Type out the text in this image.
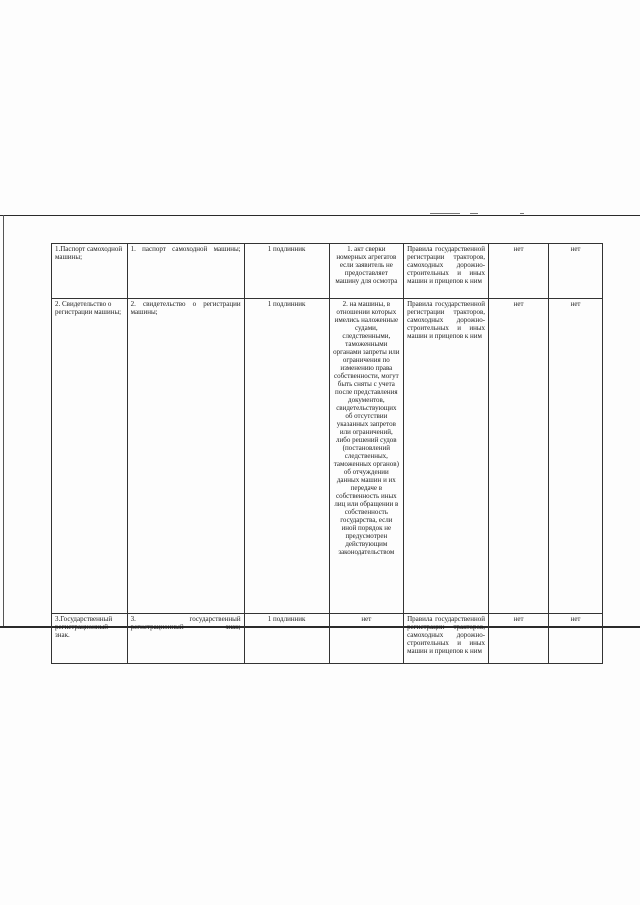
1.Паспорт самоходной машины;	1. паспорт самоходной машины;	1 подлинник	1. акт сверки номерных агрегатов если заявитель не предоставляет машину для осмотра	Правила государственной регистрации тракторов, самоходных дорожно-строительных и иных машин и прицепов к ним	нет	нет
2. Свидетельство о регистрации машины;	2. свидетельство о регистрации машины;	1 подлинник	2. на машины, в отношении которых имелись наложенные судами, следственными, таможенными органами запреты или ограничения по изменению права собственности, могут быть сняты с учета после представления документов, свидетельствующих об отсутствии указанных запретов или ограничений, либо решений судов (постановлений следственных, таможенных органов) об отчуждении данных машин и их передаче в собственность иных лиц или обращении в собственность государства, если иной порядок не предусмотрен действующим законодательством	Правила государственной регистрации тракторов, самоходных дорожно-строительных и иных машин и прицепов к ним	нет	нет
3.Государственный регистрационный знак.	3. государственный регистрационный знак;	1 подлинник	нет	Правила государственной регистрации тракторов, самоходных дорожно-строительных и иных машин и прицепов к ним	нет	нет
